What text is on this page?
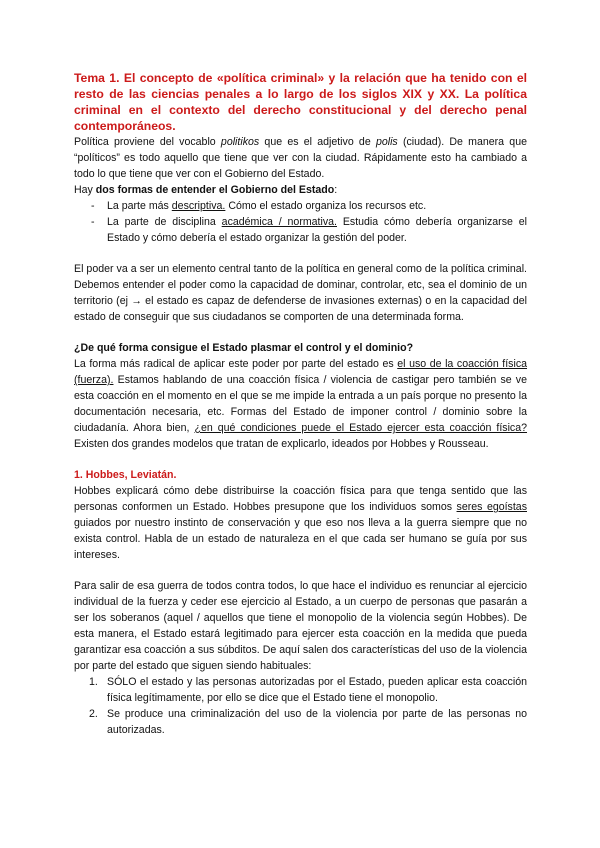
Tema 1. El concepto de «política criminal» y la relación que ha tenido con el resto de las ciencias penales a lo largo de los siglos XIX y XX. La política criminal en el contexto del derecho constitucional y del derecho penal contemporáneos.

Política proviene del vocablo politikos que es el adjetivo de polis (ciudad). De manera que “políticos” es todo aquello que tiene que ver con la ciudad. Rápidamente esto ha cambiado a todo lo que tiene que ver con el Gobierno del Estado.

Hay dos formas de entender el Gobierno del Estado:

- La parte más descriptiva. Cómo el estado organiza los recursos etc.
- La parte de disciplina académica / normativa. Estudia cómo debería organizarse el Estado y cómo debería el estado organizar la gestión del poder.

El poder va a ser un elemento central tanto de la política en general como de la política criminal. Debemos entender el poder como la capacidad de dominar, controlar, etc, sea el dominio de un territorio (ej → el estado es capaz de defenderse de invasiones externas) o en la capacidad del estado de conseguir que sus ciudadanos se comporten de una determinada forma.

¿De qué forma consigue el Estado plasmar el control y el dominio?

La forma más radical de aplicar este poder por parte del estado es el uso de la coacción física (fuerza). Estamos hablando de una coacción física / violencia de castigar pero también se ve esta coacción en el momento en el que se me impide la entrada a un país porque no presento la documentación necesaria, etc. Formas del Estado de imponer control / dominio sobre la ciudadanía. Ahora bien, ¿en qué condiciones puede el Estado ejercer esta coacción física? Existen dos grandes modelos que tratan de explicarlo, ideados por Hobbes y Rousseau.

1. Hobbes, Leviatán.

Hobbes explicará cómo debe distribuirse la coacción física para que tenga sentido que las personas conformen un Estado. Hobbes presupone que los individuos somos seres egoístas guiados por nuestro instinto de conservación y que eso nos lleva a la guerra siempre que no exista control. Habla de un estado de naturaleza en el que cada ser humano se guía por sus intereses.

Para salir de esa guerra de todos contra todos, lo que hace el individuo es renunciar al ejercicio individual de la fuerza y ceder ese ejercicio al Estado, a un cuerpo de personas que pasarán a ser los soberanos (aquel / aquellos que tiene el monopolio de la violencia según Hobbes). De esta manera, el Estado estará legitimado para ejercer esta coacción en la medida que pueda garantizar esa coacción a sus súbditos. De aquí salen dos características del uso de la violencia por parte del estado que siguen siendo habituales:

1. SÓLO el estado y las personas autorizadas por el Estado, pueden aplicar esta coacción física legítimamente, por ello se dice que el Estado tiene el monopolio.
2. Se produce una criminalización del uso de la violencia por parte de las personas no autorizadas.
